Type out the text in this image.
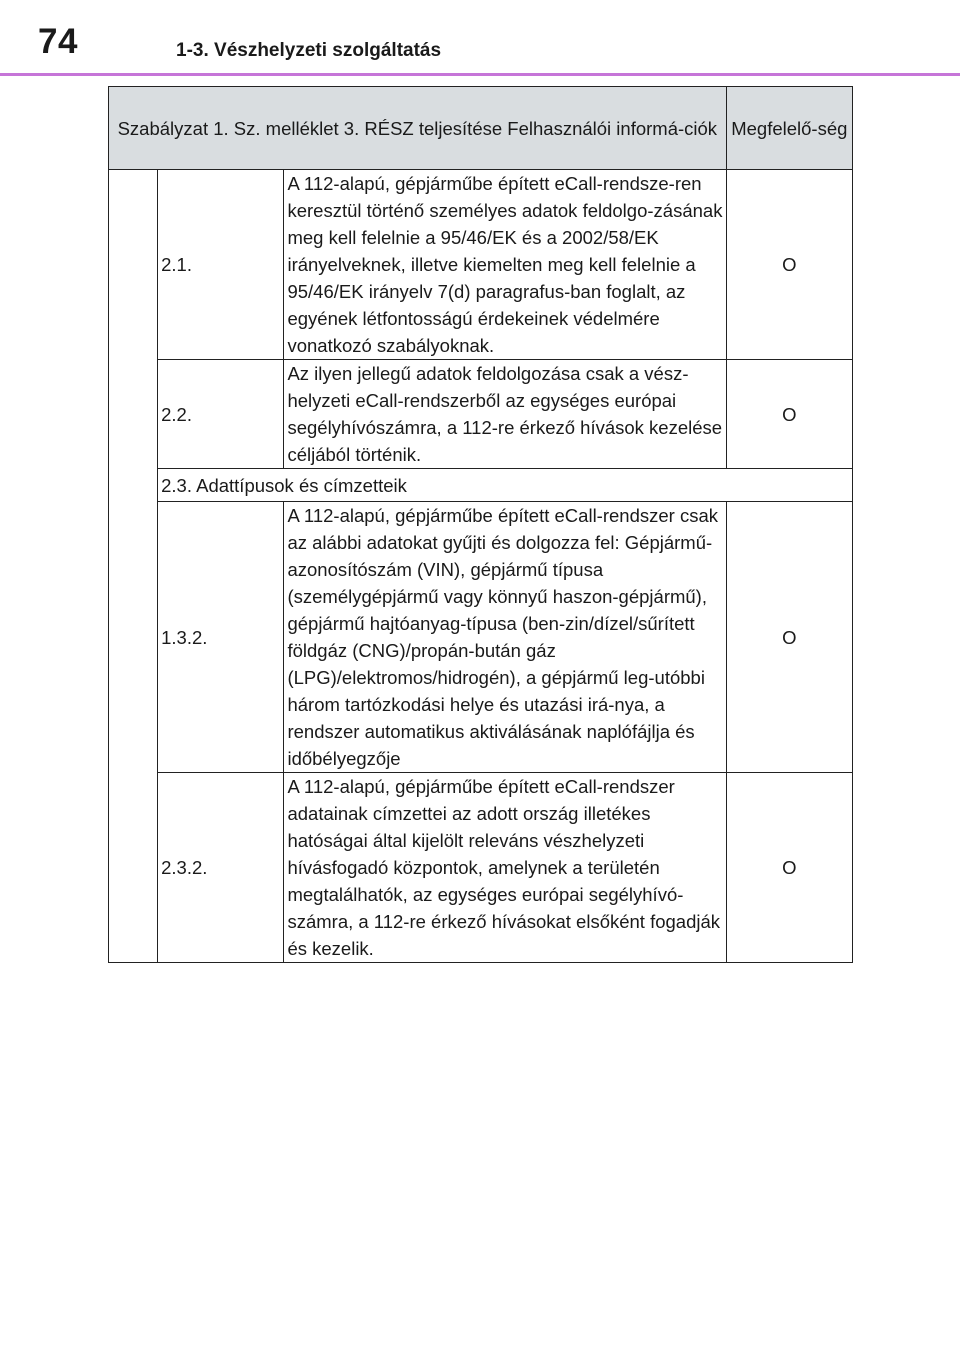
74	1-3. Vészhelyzeti szolgáltatás
Szabályzat 1. Sz. melléklet 3. RÉSZ teljesítése Felhasználói informá-ciók			Megfelelő-ség
	2.1.	A 112-alapú, gépjárműbe épített eCall-rendsze-ren keresztül történő személyes adatok feldolgo-zásának meg kell felelnie a 95/46/EK és a 2002/58/EK irányelveknek, illetve kiemelten meg kell felelnie a 95/46/EK irányelv 7(d) paragrafus-ban foglalt, az egyének létfontosságú érdekeinek védelmére vonatkozó szabályoknak.	O
	2.2.	Az ilyen jellegű adatok feldolgozása csak a vész-helyzeti eCall-rendszerből az egységes európai segélyhívószámra, a 112-re érkező hívások kezelése céljából történik.	O
	2.3. Adattípusok és címzetteik		
	1.3.2.	A 112-alapú, gépjárműbe épített eCall-rendszer csak az alábbi adatokat gyűjti és dolgozza fel: Gépjármű-azonosítószám (VIN), gépjármű típusa (személygépjármű vagy könnyű haszon-gépjármű), gépjármű hajtóanyag-típusa (ben-zin/dízel/sűrített földgáz (CNG)/propán-bután gáz (LPG)/elektromos/hidrogén), a gépjármű leg-utóbbi három tartózkodási helye és utazási irá-nya, a rendszer automatikus aktiválásának naplófájlja és időbélyegzője	O
	2.3.2.	A 112-alapú, gépjárműbe épített eCall-rendszer adatainak címzettei az adott ország illetékes hatóságai által kijelölt releváns vészhelyzeti hívásfogadó központok, amelynek a területén megtalálhatók, az egységes európai segélyhívó-számra, a 112-re érkező hívásokat elsőként fogadják és kezelik.	O
